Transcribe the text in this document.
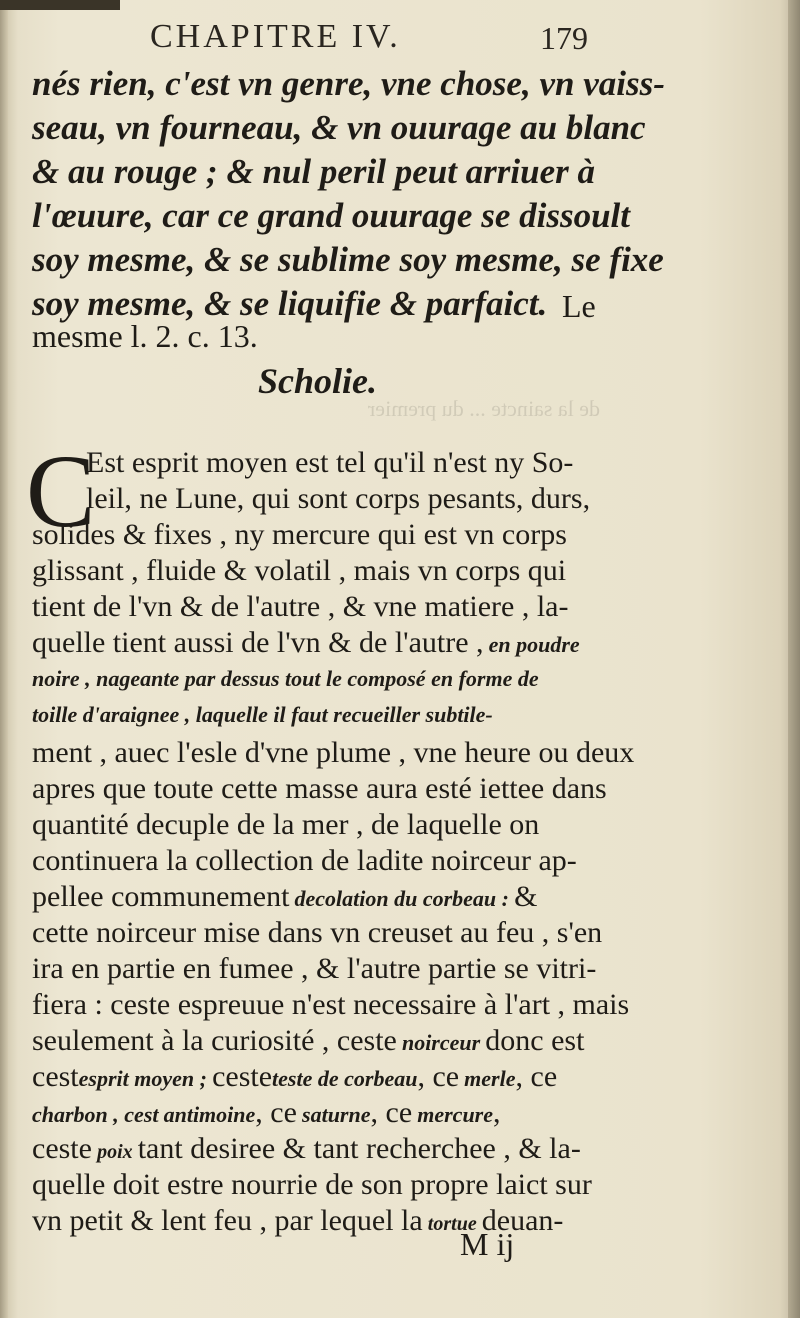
CHAPITRE IV.	179
nés rien, c'est vn genre, vne chose, vn vaiss-
seau, vn fourneau, & vn ouurage au blanc
& au rouge ; & nul peril peut arriuer à
l'œuure, car ce grand ouurage se dissoult
soy mesme, & se sublime soy mesme, se fixe
soy mesme, & se liquifie & parfaict. Le
mesme l. 2. c. 13.
de la saincte ... du premier
Scholie.
C
Est esprit moyen est tel qu'il n'est ny So-
leil, ne Lune, qui sont corps pesants, durs,
solides & fixes , ny mercure qui est vn corps
glissant , fluide & volatil , mais vn corps qui
tient de l'vn & de l'autre , & vne matiere , la-
quelle tient aussi de l'vn & de l'autre , en poudre
noire , nageante par dessus tout le composé en forme de
toille d'araignee , laquelle il faut recueiller subtile-
ment , auec l'esle d'vne plume , vne heure ou deux
apres que toute cette masse aura esté iettee dans
quantité decuple de la mer , de laquelle on
continuera la collection de ladite noirceur ap-
pellee communement decolation du corbeau : &
cette noirceur mise dans vn creuset au feu , s'en
ira en partie en fumee , & l'autre partie se vitri-
fiera : ceste espreuue n'est necessaire à l'art , mais
seulement à la curiosité , ceste noirceur donc est
cestesprit moyen ; cesteteste de corbeau, ce merle, ce
charbon , cest antimoine, ce saturne, ce mercure,
ceste poix tant desiree & tant recherchee , & la-
quelle doit estre nourrie de son propre laict sur
vn petit & lent feu , par lequel la tortue deuan-
M ij
